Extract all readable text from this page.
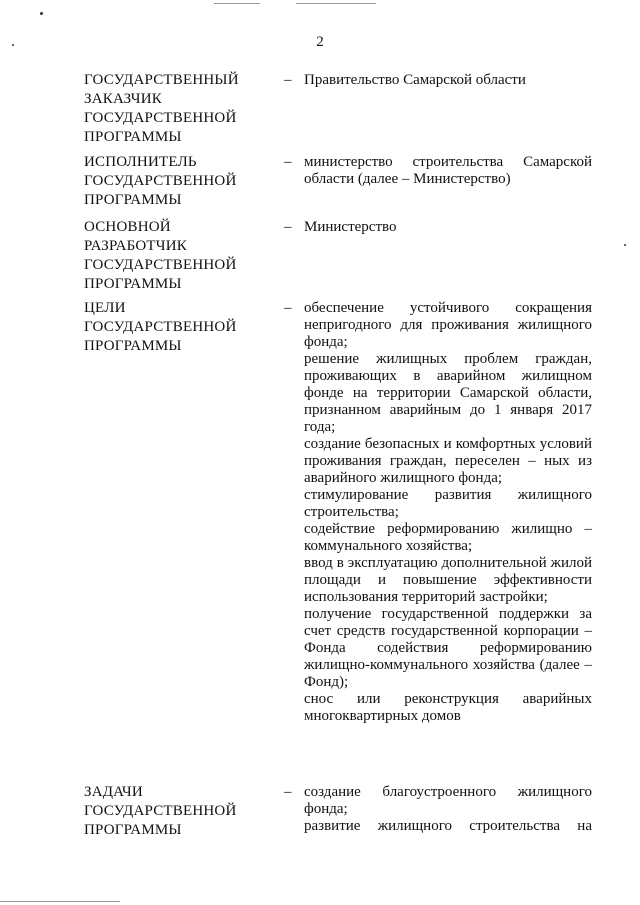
2
ГОСУДАРСТВЕННЫЙ
ЗАКАЗЧИК
ГОСУДАРСТВЕННОЙ
ПРОГРАММЫ
– Правительство Самарской области
ИСПОЛНИТЕЛЬ
ГОСУДАРСТВЕННОЙ
ПРОГРАММЫ
– министерство строительства Самарской области (далее – Министерство)
ОСНОВНОЙ
РАЗРАБОТЧИК
ГОСУДАРСТВЕННОЙ
ПРОГРАММЫ
– Министерство
ЦЕЛИ
ГОСУДАРСТВЕННОЙ
ПРОГРАММЫ
– обеспечение устойчивого сокращения непригодного для проживания жилищного фонда;
решение жилищных проблем граждан, проживающих в аварийном жилищном фонде на территории Самарской области, признанном аварийным до 1 января 2017 года;
создание безопасных и комфортных условий проживания граждан, переселен – ных из аварийного жилищного фонда;
стимулирование развития жилищного строительства;
содействие реформированию жилищно – коммунального хозяйства;
ввод в эксплуатацию дополнительной жилой площади и повышение эффективности использования территорий застройки;
получение государственной поддержки за счет средств государственной корпорации – Фонда содействия реформированию жилищно-коммунального хозяйства (далее – Фонд);
снос или реконструкция аварийных многоквартирных домов
ЗАДАЧИ
ГОСУДАРСТВЕННОЙ
ПРОГРАММЫ
– создание благоустроенного жилищного фонда;
развитие жилищного строительства на
